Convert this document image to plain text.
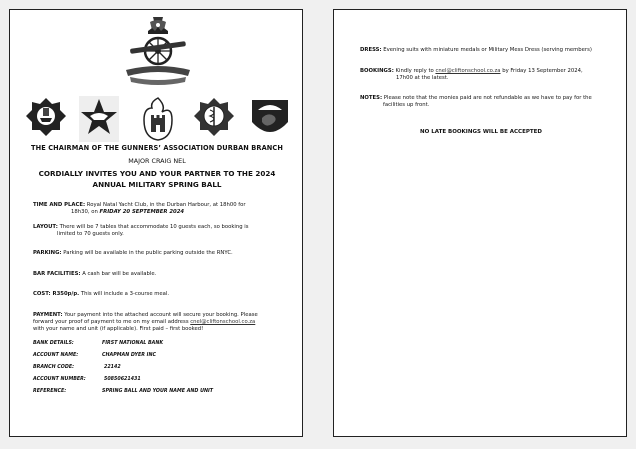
THE CHAIRMAN OF THE GUNNERS’ ASSOCIATION DURBAN BRANCH
MAJOR CRAIG NEL
CORDIALLY INVITES YOU AND YOUR PARTNER TO THE 2024
ANNUAL MILITARY SPRING BALL
TIME AND PLACE: Royal Natal Yacht Club, in the Durban Harbour, at 18h00 for
18h30, on FRIDAY 20 SEPTEMBER 2024
LAYOUT: There will be 7 tables that accommodate 10 guests each, so booking is
limited to 70 guests only.
PARKING: Parking will be available in the public parking outside the RNYC.
BAR FACILITIES: A cash bar will be available.
COST: R350p/p. This will include a 3-course meal.
PAYMENT: Your payment into the attached account will secure your booking. Please
forward your proof of payment to me on my email address cnel@cliftonschool.co.za
with your name and unit (if applicable). First paid – first booked!
BANK DETAILS:	FIRST NATIONAL BANK
ACCOUNT NAME:	CHAPMAN DYER INC
BRANCH CODE:	22142
ACCOUNT NUMBER:	50850621431
REFERENCE:	SPRING BALL AND YOUR NAME AND UNIT
DRESS: Evening suits with miniature medals or Military Mess Dress (serving members)
BOOKINGS: Kindly reply to cnel@cliftonschool.co.za by Friday 13 September 2024,
17h00 at the latest.
NOTES: Please note that the monies paid are not refundable as we have to pay for the
facilities up front.
NO LATE BOOKINGS WILL BE ACCEPTED
